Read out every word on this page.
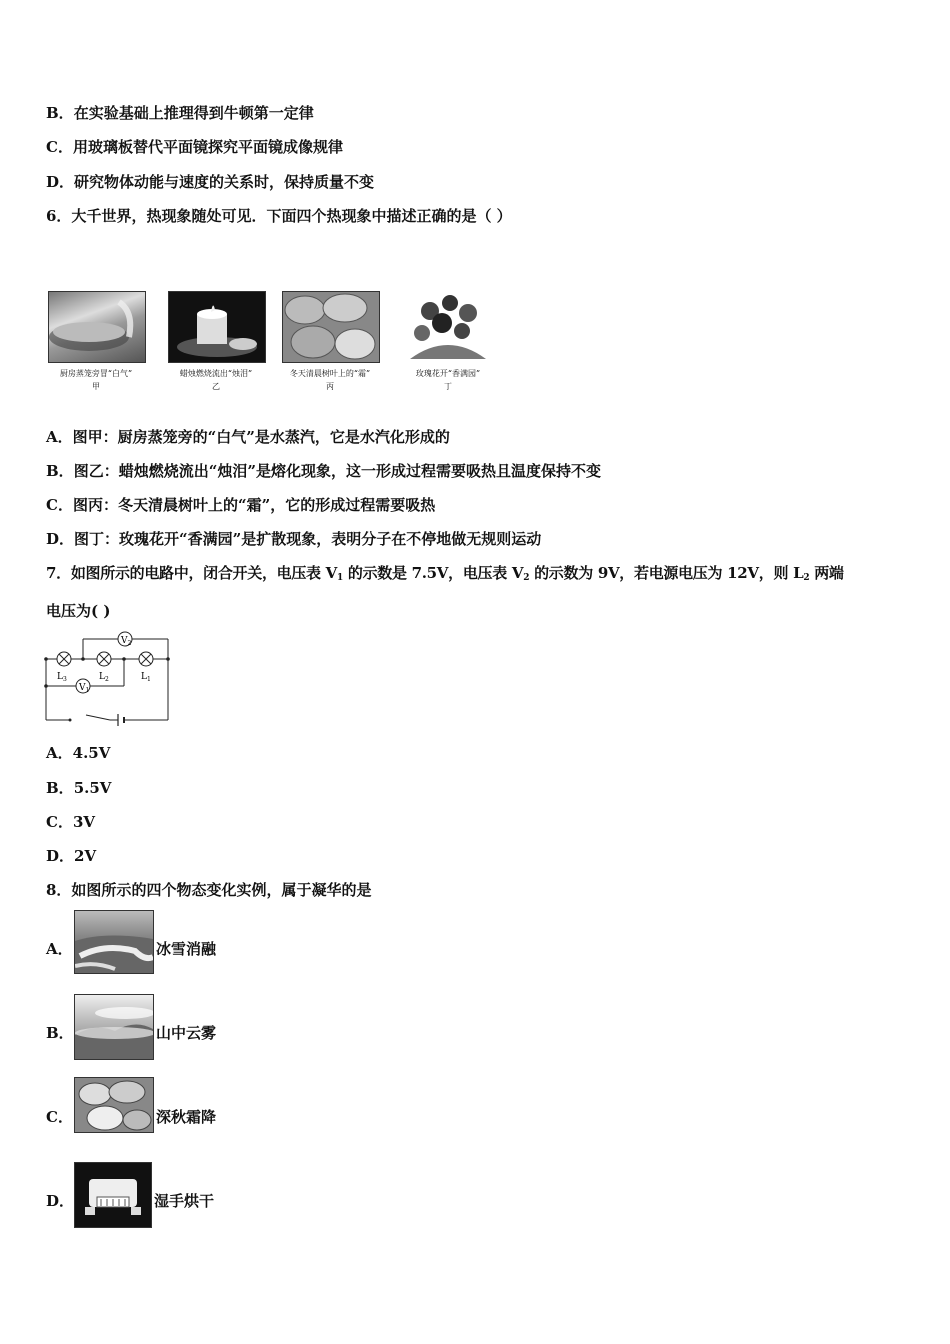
B．在实验基础上推理得到牛顿第一定律
C．用玻璃板替代平面镜探究平面镜成像规律
D．研究物体动能与速度的关系时，保持质量不变
6．大千世界，热现象随处可见．下面四个热现象中描述正确的是（ ）
厨房蒸笼旁冒“白气”
甲
蜡烛燃烧流出“烛泪”
乙
冬天清晨树叶上的“霜”
丙
玫瑰花开“香满园”
丁
A．图甲：厨房蒸笼旁的“白气”是水蒸汽，它是水汽化形成的
B．图乙：蜡烛燃烧流出“烛泪”是熔化现象，这一形成过程需要吸热且温度保持不变
C．图丙：冬天清晨树叶上的“霜”，它的形成过程需要吸热
D．图丁：玫瑰花开“香满园”是扩散现象，表明分子在不停地做无规则运动
7．如图所示的电路中，闭合开关，电压表 $V_1$ 的示数是 7.5V，电压表 $V_2$ 的示数为 9V，若电源电压为 12V，则 $L_2$ 两端
电压为( )
$V_2$
$V_1$
$L_3$	$L_2$	$L_1$
A．4.5V
B．5.5V
C．3V
D．2V
8．如图所示的四个物态变化实例，属于凝华的是
A．	冰雪消融
B．	山中云雾
C．	深秋霜降
D．	湿手烘干
